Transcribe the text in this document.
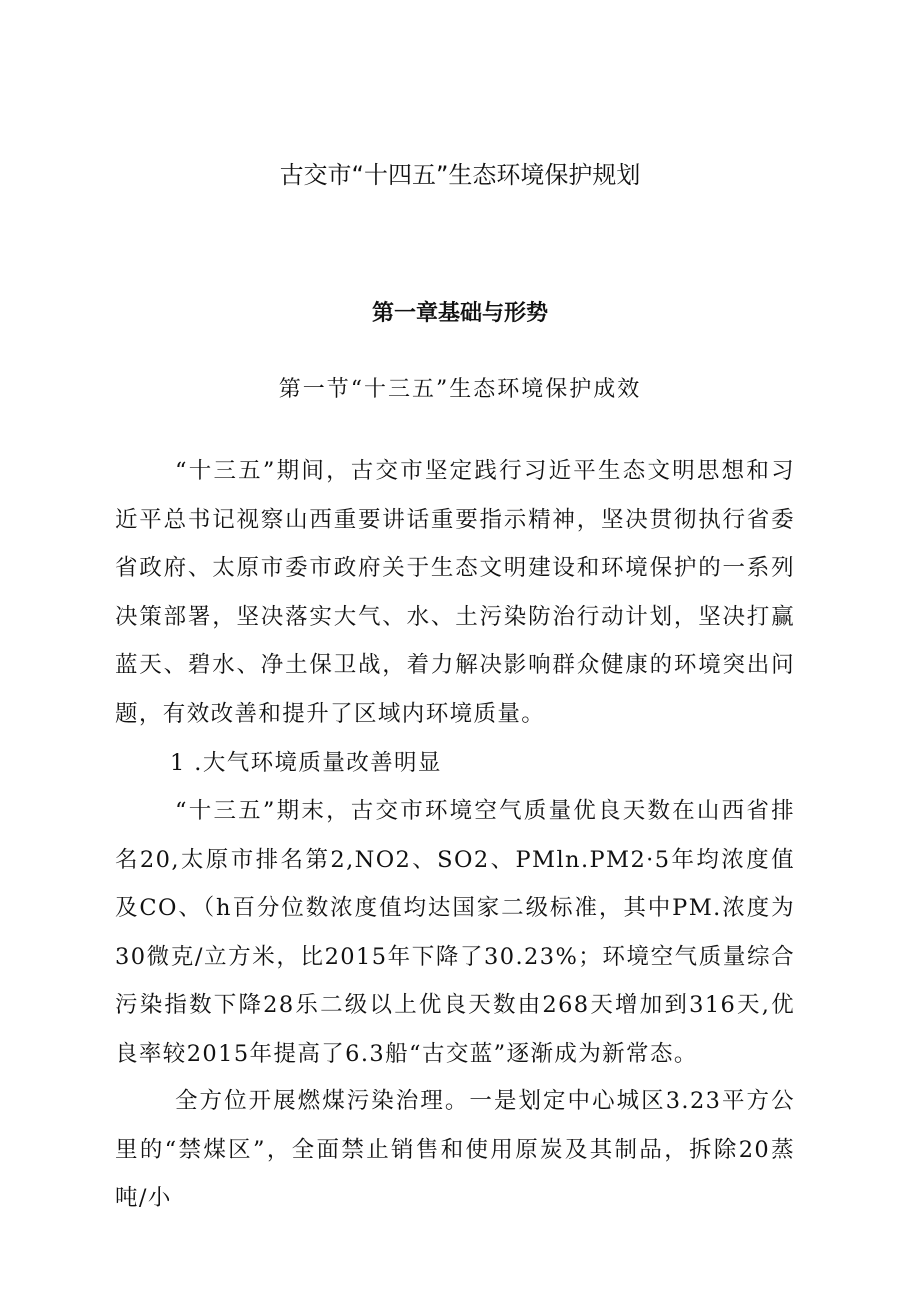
古交市“十四五”生态环境保护规划
第一章基础与形势
第一节“十三五”生态环境保护成效
“十三五”期间，古交市坚定践行习近平生态文明思想和习近平总书记视察山西重要讲话重要指示精神，坚决贯彻执行省委省政府、太原市委市政府关于生态文明建设和环境保护的一系列决策部署，坚决落实大气、水、土污染防治行动计划，坚决打赢蓝天、碧水、净土保卫战，着力解决影响群众健康的环境突出问题，有效改善和提升了区域内环境质量。
1 .大气环境质量改善明显
“十三五”期末，古交市环境空气质量优良天数在山西省排名20,太原市排名第2,NO2、SO2、PMln.PM2·5年均浓度值及CO、（h百分位数浓度值均达国家二级标准，其中PM.浓度为30微克/立方米，比2015年下降了30.23%；环境空气质量综合污染指数下降28乐二级以上优良天数由268天增加到316天,优良率较2015年提高了6.3船“古交蓝”逐渐成为新常态。
全方位开展燃煤污染治理。一是划定中心城区3.23平方公里的“禁煤区”，全面禁止销售和使用原炭及其制品，拆除20蒸吨/小
